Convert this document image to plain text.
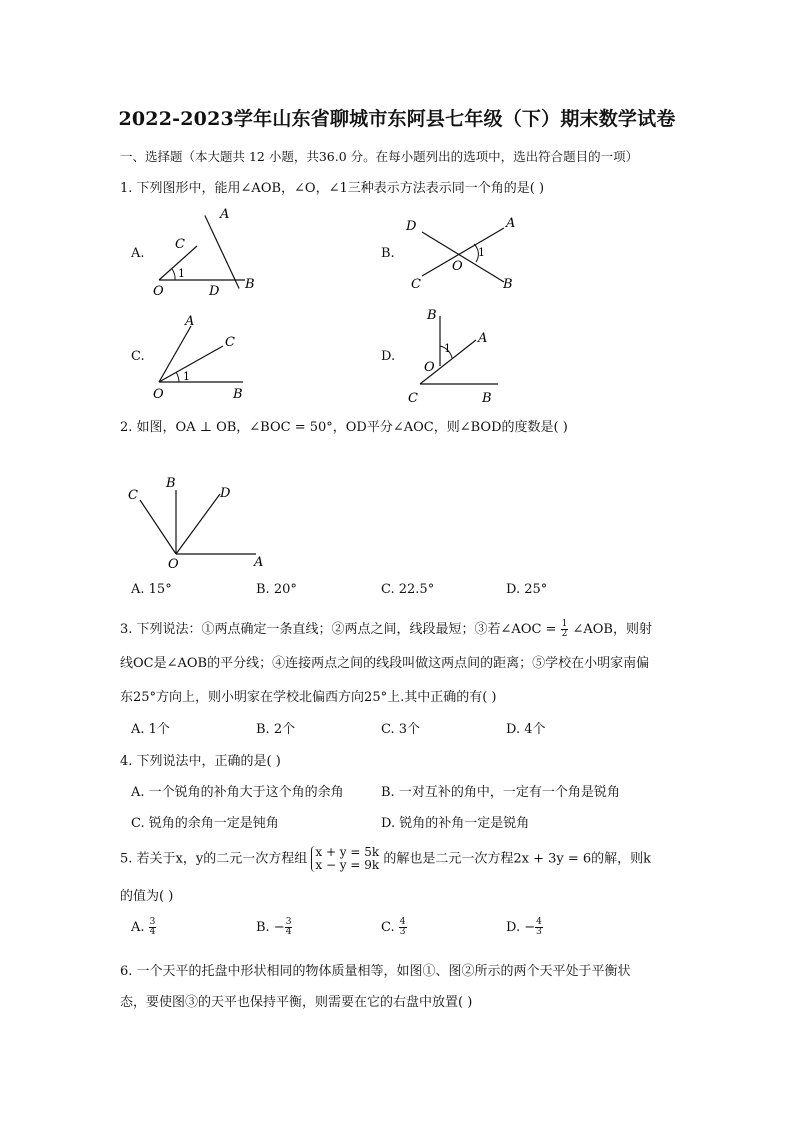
2022-2023学年山东省聊城市东阿县七年级（下）期末数学试卷
一、选择题（本大题共 12 小题，共36.0 分。在每小题列出的选项中，选出符合题目的一项）
1. 下列图形中，能用∠AOB，∠O，∠1三种表示方法表示同一个角的是( )
A.
A
C
1
O	D B
B.
D	A
1
O
C	B
C.
A
C
1
O	B
D.
B
A
1
O
C	B
2. 如图，OA ⊥ OB，∠BOC = 50°，OD平分∠AOC，则∠BOD的度数是( )
C
B
D
O	A
A. 15°	B. 20°	C. 22.5°	D. 25°
3. 下列说法：①两点确定一条直线；②两点之间，线段最短；③若∠AOC = $\frac{1}{2}$ ∠AOB，则射
线OC是∠AOB的平分线；④连接两点之间的线段叫做这两点间的距离；⑤学校在小明家南偏
东25°方向上，则小明家在学校北偏西方向25°上.其中正确的有( )
A. 1个	B. 2个	C. 3个	D. 4个
4. 下列说法中，正确的是( )
A. 一个锐角的补角大于这个角的余角	B. 一对互补的角中，一定有一个角是锐角
C. 锐角的余角一定是钝角	D. 锐角的补角一定是锐角
5. 若关于x，y的二元一次方程组 x + y = 5k
x − y = 9k 的解也是二元一次方程2x + 3y = 6的解，则k
的值为( )
A. $\frac{3}{4}$	B. − $\frac{3}{4}$	C. $\frac{4}{3}$	D. − $\frac{4}{3}$
6. 一个天平的托盘中形状相同的物体质量相等，如图①、图②所示的两个天平处于平衡状
态，要使图③的天平也保持平衡，则需要在它的右盘中放置( )
